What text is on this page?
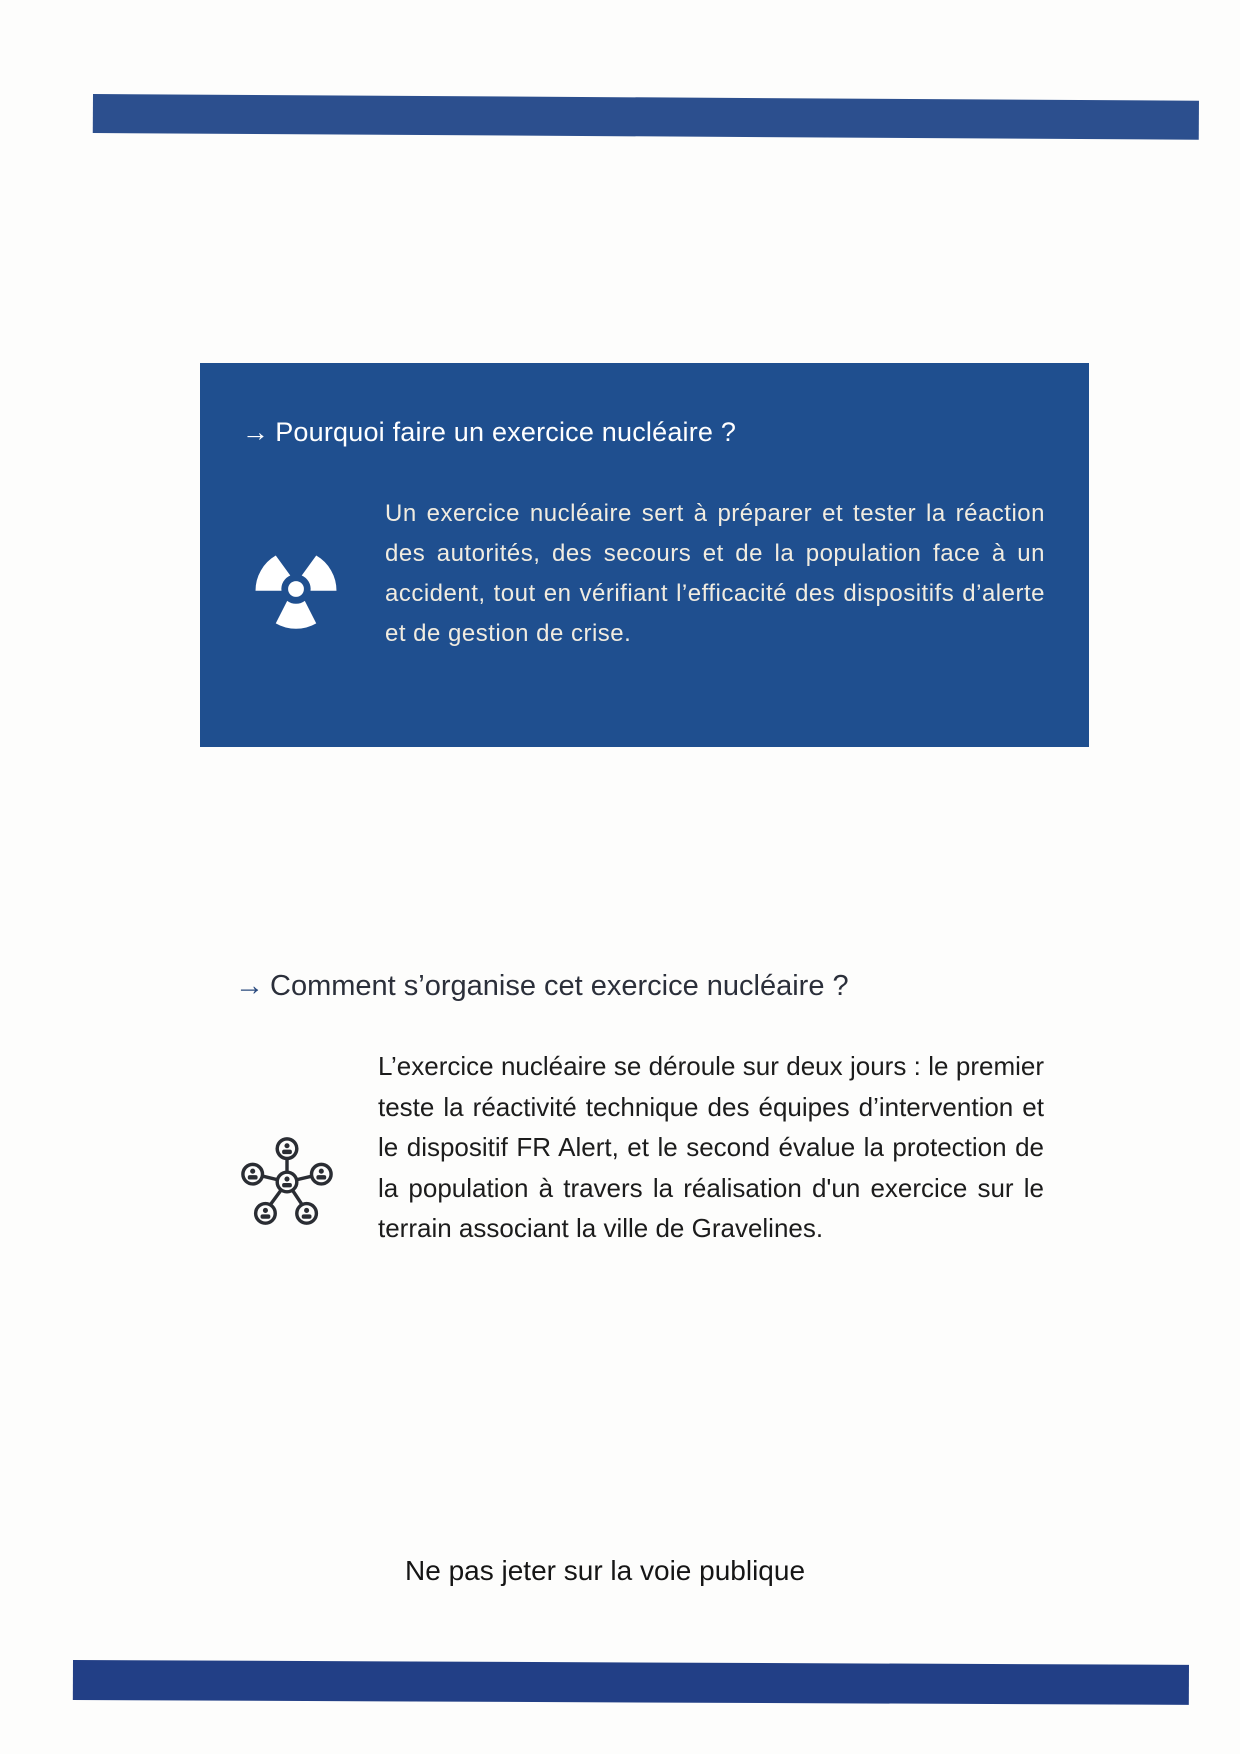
→ Pourquoi faire un exercice nucléaire ?
Un exercice nucléaire sert à préparer et tester la réaction des autorités, des secours et de la population face à un accident, tout en vérifiant l’efficacité des dispositifs d’alerte et de gestion de crise.
→ Comment s’organise cet exercice nucléaire ?
L’exercice nucléaire se déroule sur deux jours : le premier teste la réactivité technique des équipes d’intervention et le dispositif FR Alert, et le second évalue la protection de la population à travers la réalisation d'un exercice sur le terrain associant la ville de Gravelines.
Ne pas jeter sur la voie publique
